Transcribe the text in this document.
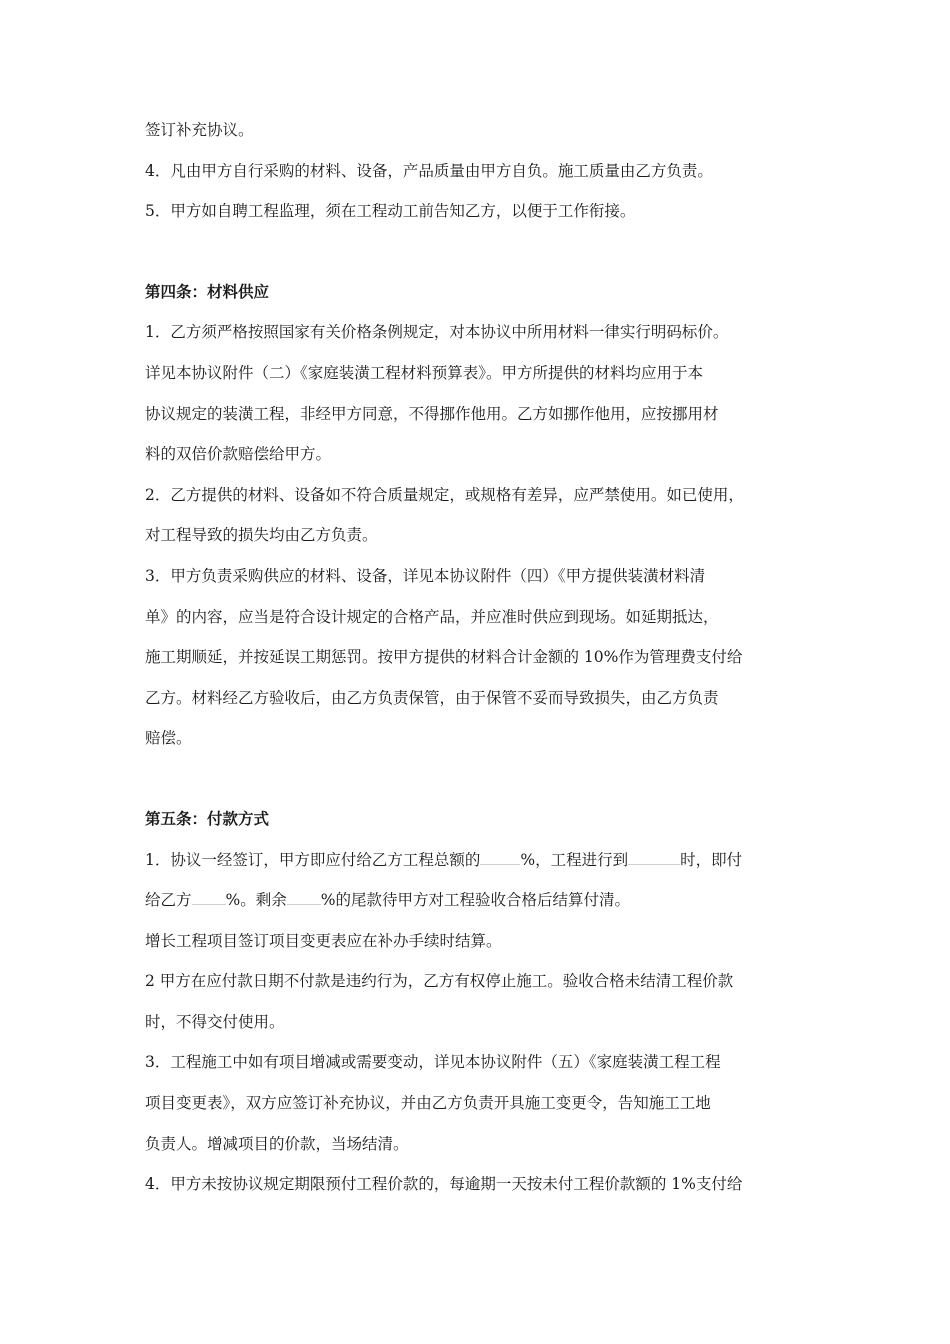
签订补充协议。
4．凡由甲方自行采购的材料、设备，产品质量由甲方自负。施工质量由乙方负责。
5．甲方如自聘工程监理，须在工程动工前告知乙方，以便于工作衔接。
第四条：材料供应
1．乙方须严格按照国家有关价格条例规定，对本协议中所用材料一律实行明码标价。
详见本协议附件（二）《家庭装潢工程材料预算表》。甲方所提供的材料均应用于本
协议规定的装潢工程，非经甲方同意，不得挪作他用。乙方如挪作他用，应按挪用材
料的双倍价款赔偿给甲方。
2．乙方提供的材料、设备如不符合质量规定，或规格有差异，应严禁使用。如已使用，
对工程导致的损失均由乙方负责。
3．甲方负责采购供应的材料、设备，详见本协议附件（四）《甲方提供装潢材料清
单》的内容，应当是符合设计规定的合格产品，并应准时供应到现场。如延期抵达，
施工期顺延，并按延误工期惩罚。按甲方提供的材料合计金额的 10%作为管理费支付给
乙方。材料经乙方验收后，由乙方负责保管，由于保管不妥而导致损失，由乙方负责
赔偿。
第五条：付款方式
1．协议一经签订，甲方即应付给乙方工程总额的	%，工程进行到	时，即付
给乙方 %。剩余 %的尾款待甲方对工程验收合格后结算付清。
增长工程项目签订项目变更表应在补办手续时结算。
2 甲方在应付款日期不付款是违约行为，乙方有权停止施工。验收合格未结清工程价款
时，不得交付使用。
3．工程施工中如有项目增减或需要变动，详见本协议附件（五）《家庭装潢工程工程
项目变更表》，双方应签订补充协议，并由乙方负责开具施工变更令，告知施工工地
负责人。增减项目的价款，当场结清。
4．甲方未按协议规定期限预付工程价款的，每逾期一天按未付工程价款额的 1%支付给
